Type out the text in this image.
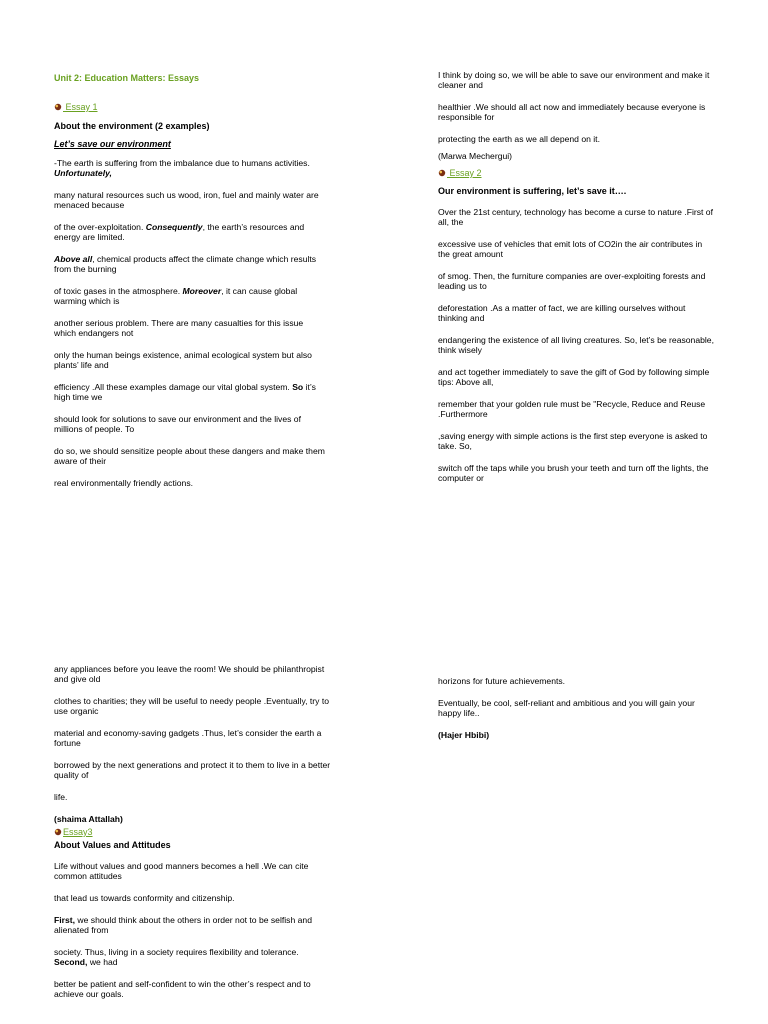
Unit 2: Education Matters: Essays

Essay 1

About the environment (2 examples)

Let’s save our environment

-The earth is suffering from the imbalance due to humans activities. Unfortunately,

many natural resources such us wood, iron, fuel and mainly water are menaced because

of the over-exploitation. Consequently, the earth’s resources and energy are limited.

Above all, chemical products affect the climate change which results from the burning

of toxic gases in the atmosphere. Moreover, it can cause global warming which is

another serious problem. There are many casualties for this issue which endangers not

only the human beings existence, animal ecological system but also plants’ life and

efficiency .All these examples damage our vital global system. So it’s high time we

should look for solutions to save our environment and the lives of millions of people. To

do so, we should sensitize people about these dangers and make them aware of their

real environmentally friendly actions.

I think by doing so, we will be able to save our environment and make it cleaner and

healthier .We should all act now and immediately because everyone is responsible for

protecting the earth as we all depend on it.

(Marwa Mechergui)

Essay 2

Our environment is suffering, let’s save it….

Over the 21st century, technology has become a curse to nature .First of all, the

excessive use of vehicles that emit lots of CO2in the air contributes in the great amount

of smog. Then, the furniture companies are over-exploiting forests and leading us to

deforestation .As a matter of fact, we are killing ourselves without thinking and

endangering the existence of all living creatures. So, let’s be reasonable, think wisely

and act together immediately to save the gift of God by following simple tips: Above all,

remember that your golden rule must be "Recycle, Reduce and Reuse .Furthermore

,saving energy with simple actions is the first step everyone is asked to take. So,

switch off the taps while you brush your teeth and turn off the lights, the computer or

any appliances before you leave the room! We should be philanthropist and give old

clothes to charities; they will be useful to needy people .Eventually, try to use organic

material and economy-saving gadgets .Thus, let’s consider the earth a fortune

borrowed by the next generations and protect it to them to live in a better quality of

life.

(shaima Attallah)

Essay3

About Values and Attitudes

Life without values and good manners becomes a hell .We can cite common attitudes

that lead us towards conformity and citizenship.

First, we should think about the others in order not to be selfish and alienated from

society. Thus, living in a society requires flexibility and tolerance. Second, we had

better be patient and self-confident to win the other’s respect and to achieve our goals.

horizons for future achievements.

Eventually, be cool, self-reliant and ambitious and you will gain your happy life..

(Hajer Hbibi)
